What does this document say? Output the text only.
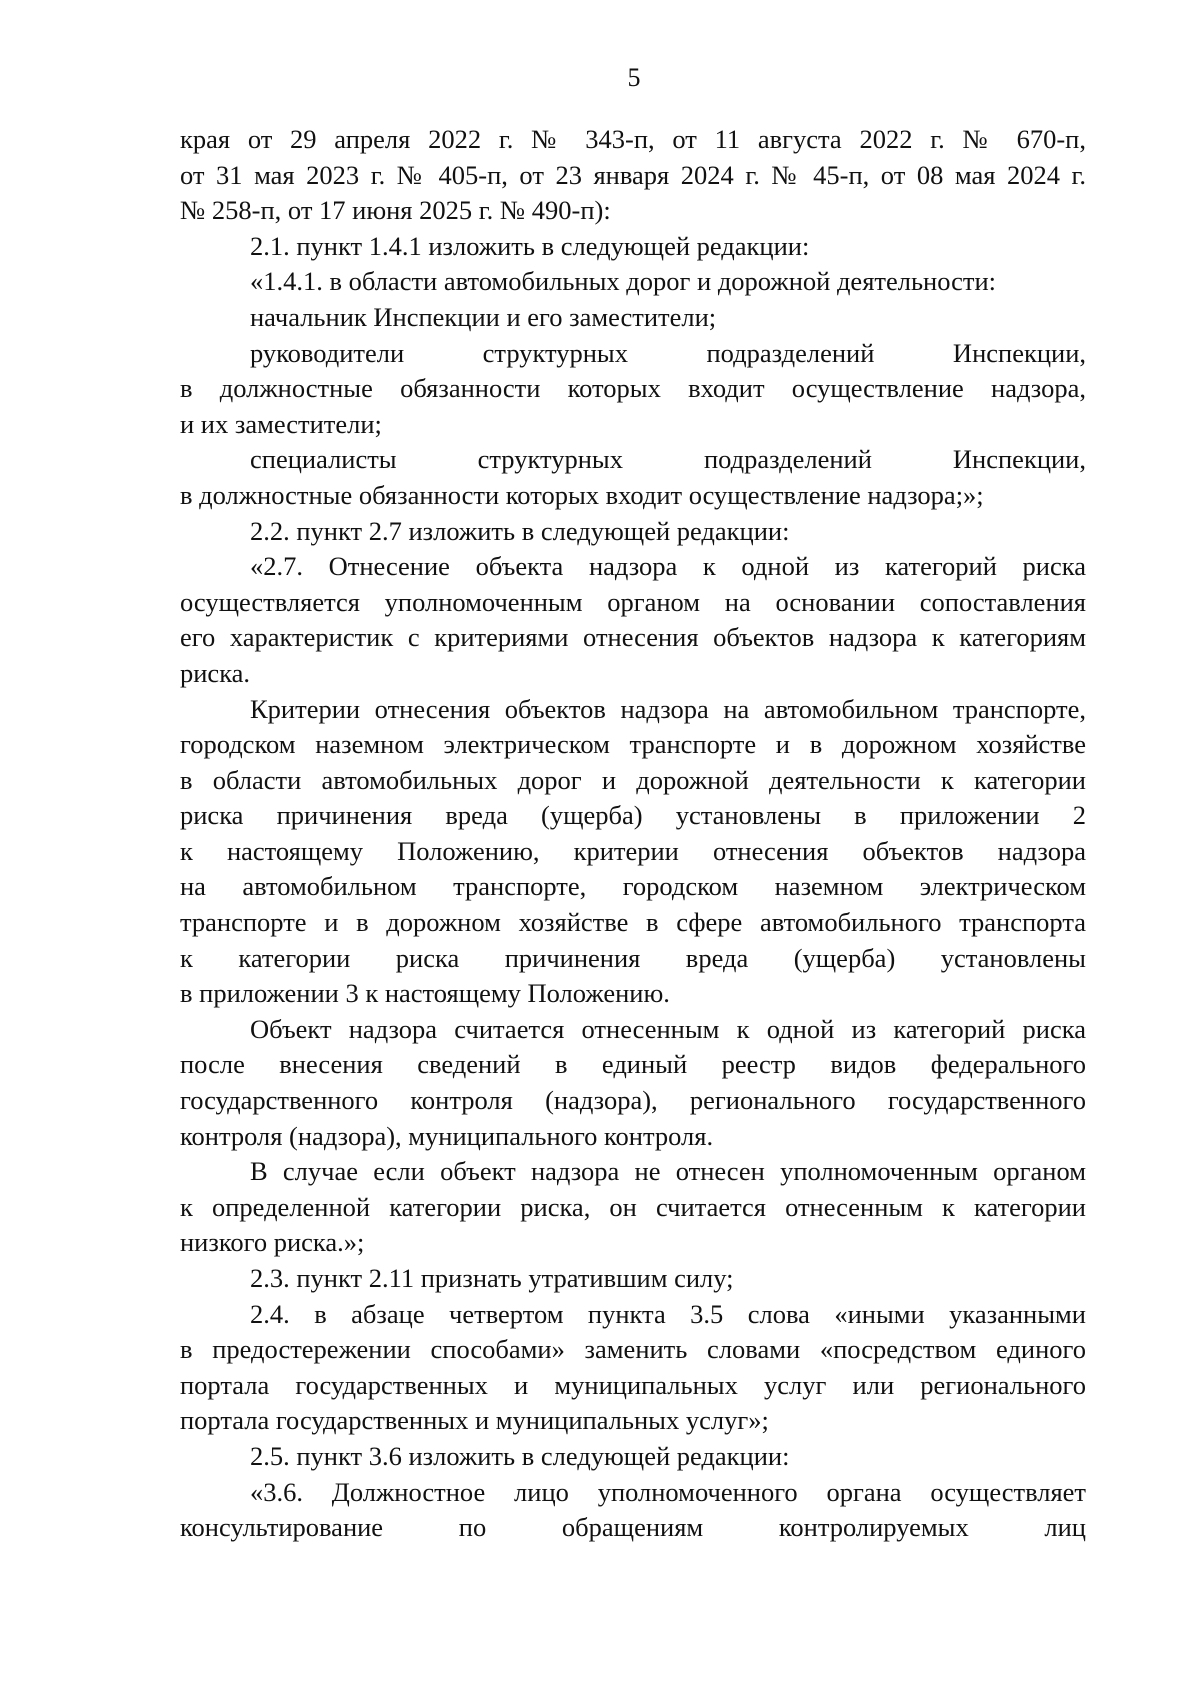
5
края от 29 апреля 2022 г. № 343-п, от 11 августа 2022 г. № 670-п,
от 31 мая 2023 г. № 405-п, от 23 января 2024 г. № 45-п, от 08 мая 2024 г.
№ 258-п, от 17 июня 2025 г. № 490-п):
2.1. пункт 1.4.1 изложить в следующей редакции:
«1.4.1. в области автомобильных дорог и дорожной деятельности:
начальник Инспекции и его заместители;
руководители структурных подразделений Инспекции,
в должностные обязанности которых входит осуществление надзора,
и их заместители;
специалисты структурных подразделений Инспекции,
в должностные обязанности которых входит осуществление надзора;»;
2.2. пункт 2.7 изложить в следующей редакции:
«2.7. Отнесение объекта надзора к одной из категорий риска
осуществляется уполномоченным органом на основании сопоставления
его характеристик с критериями отнесения объектов надзора к категориям
риска.
Критерии отнесения объектов надзора на автомобильном транспорте,
городском наземном электрическом транспорте и в дорожном хозяйстве
в области автомобильных дорог и дорожной деятельности к категории
риска причинения вреда (ущерба) установлены в приложении 2
к настоящему Положению, критерии отнесения объектов надзора
на автомобильном транспорте, городском наземном электрическом
транспорте и в дорожном хозяйстве в сфере автомобильного транспорта
к категории риска причинения вреда (ущерба) установлены
в приложении 3 к настоящему Положению.
Объект надзора считается отнесенным к одной из категорий риска
после внесения сведений в единый реестр видов федерального
государственного контроля (надзора), регионального государственного
контроля (надзора), муниципального контроля.
В случае если объект надзора не отнесен уполномоченным органом
к определенной категории риска, он считается отнесенным к категории
низкого риска.»;
2.3. пункт 2.11 признать утратившим силу;
2.4. в абзаце четвертом пункта 3.5 слова «иными указанными
в предостережении способами» заменить словами «посредством единого
портала государственных и муниципальных услуг или регионального
портала государственных и муниципальных услуг»;
2.5. пункт 3.6 изложить в следующей редакции:
«3.6. Должностное лицо уполномоченного органа осуществляет
консультирование по обращениям контролируемых лиц
